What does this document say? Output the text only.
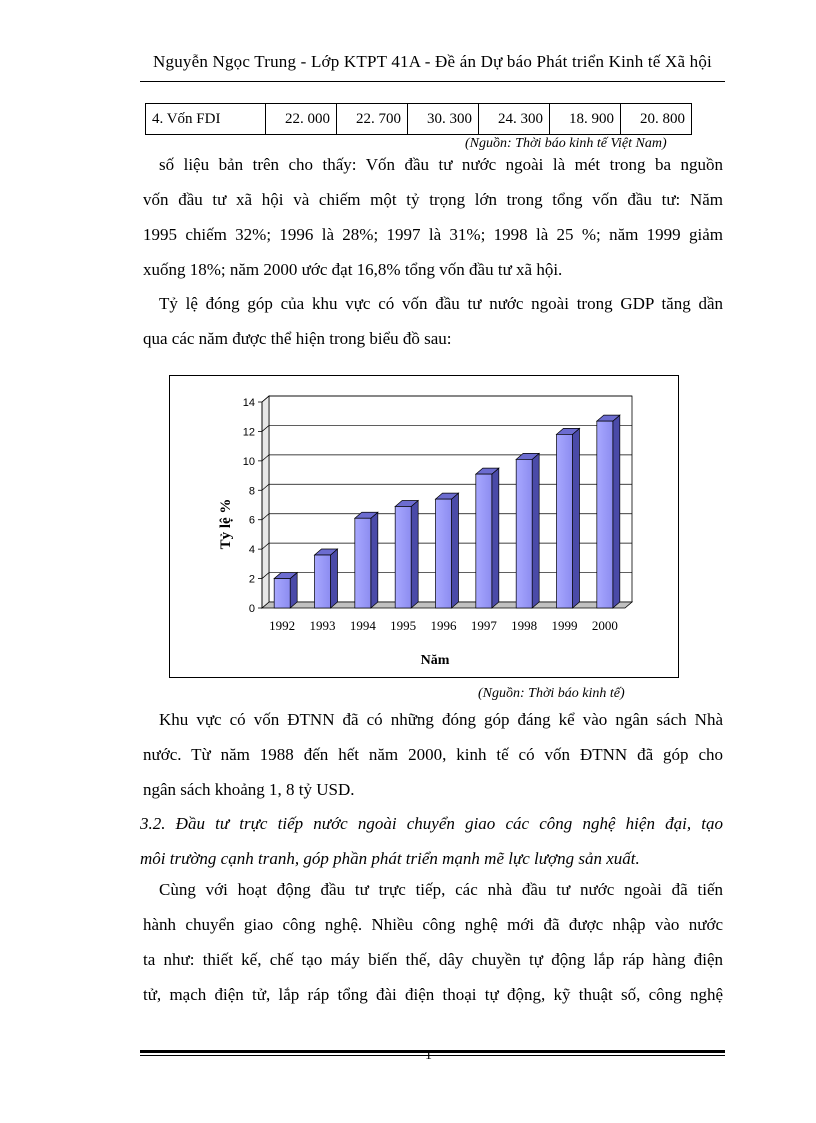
Nguyễn Ngọc Trung - Lớp KTPT 41A - Đề án Dự báo Phát triển Kinh tế Xã hội
4. Vốn FDI	22. 000	22. 700	30. 300	24. 300	18. 900	20. 800
(Nguồn: Thời báo kinh tế Việt Nam)
số liệu bản trên cho thấy: Vốn đầu tư nước ngoài là mét trong ba nguồn
vốn đầu tư xã hội và chiếm một tỷ trọng lớn trong tổng vốn đầu tư: Năm
1995 chiếm 32%; 1996 là 28%; 1997 là 31%; 1998 là 25 %; năm 1999 giảm
xuống 18%; năm 2000 ước đạt 16,8% tổng vốn đầu tư xã hội.
Tỷ lệ đóng góp của khu vực có vốn đầu tư nước ngoài trong GDP tăng dần
qua các năm được thể hiện trong biểu đồ sau:
0
2
4
6
8
10
12
14
1992 1993 1994 1995 1996 1997 1998 1999 2000
Tỷ lệ %
Năm
(Nguồn: Thời báo kinh tế)
Khu vực có vốn ĐTNN đã có những đóng góp đáng kể vào ngân sách Nhà
nước. Từ năm 1988 đến hết năm 2000, kinh tế có vốn ĐTNN đã góp cho
ngân sách khoảng 1, 8 tỷ USD.
3.2. Đầu tư trực tiếp nước ngoài chuyển giao các công nghệ hiện đại, tạo
môi trường cạnh tranh, góp phần phát triển mạnh mẽ lực lượng sản xuất.
Cùng với hoạt động đầu tư trực tiếp, các nhà đầu tư nước ngoài đã tiến
hành chuyển giao công nghệ. Nhiều công nghệ mới đã được nhập vào nước
ta như: thiết kế, chế tạo máy biến thế, dây chuyền tự động lắp ráp hàng điện
tử, mạch điện tử, lắp ráp tổng đài điện thoại tự động, kỹ thuật số, công nghệ
1
